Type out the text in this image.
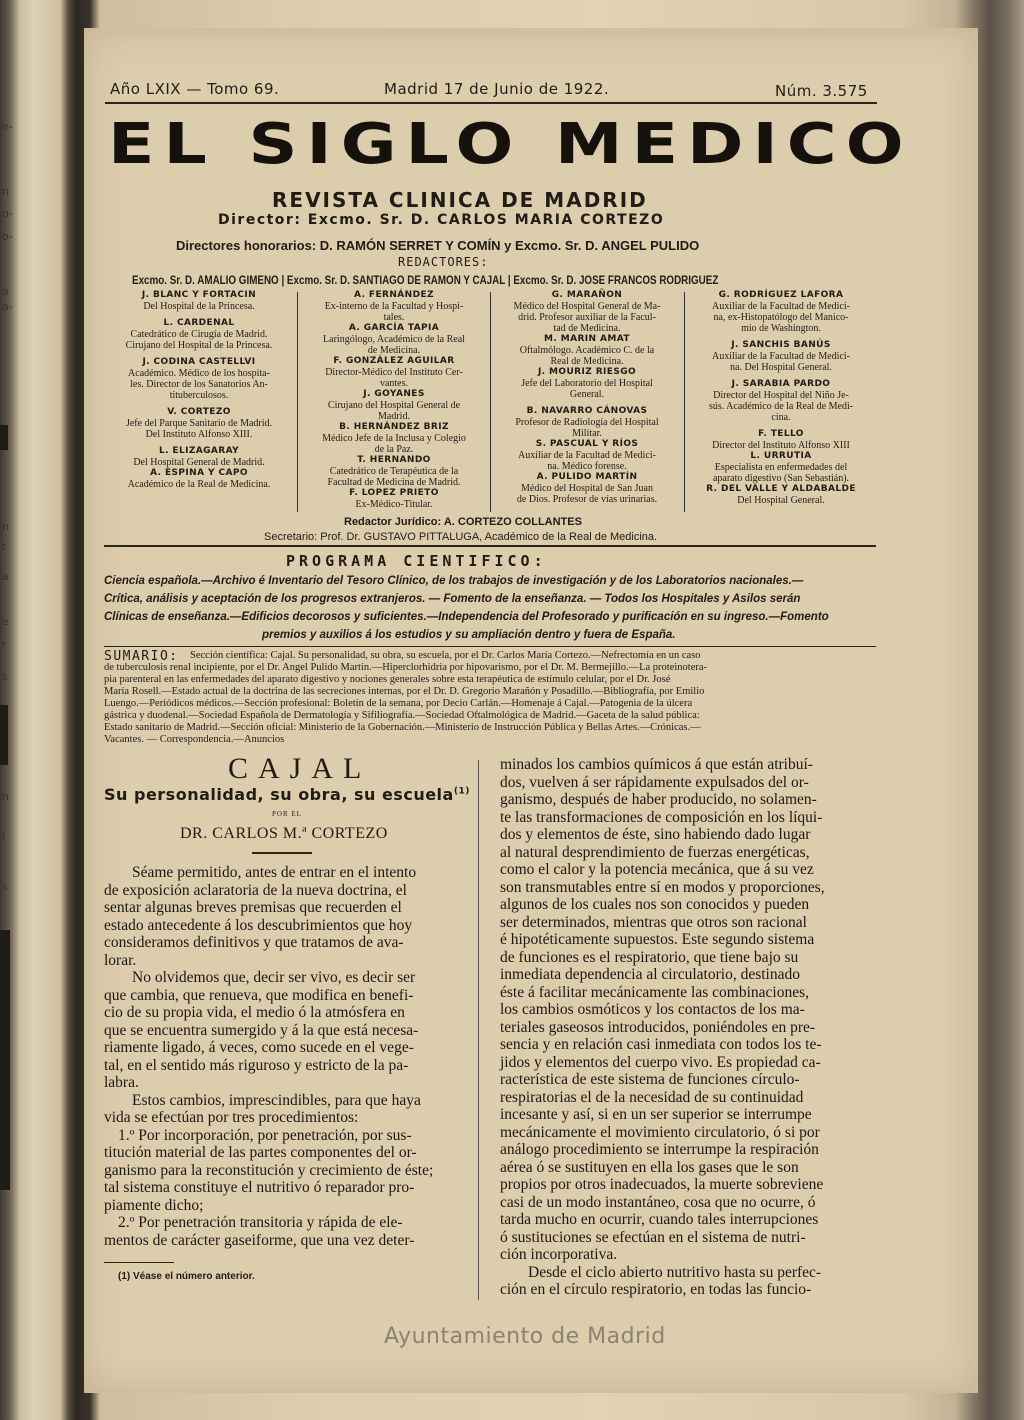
e-
n
o-
o-
a
a-
n
t
a
e
r
s
n
l
s
Año LXIX — Tomo 69.	Madrid 17 de Junio de 1922.	Núm. 3.575
EL SIGLO MEDICO
REVISTA CLINICA DE MADRID
Director: Excmo. Sr. D. CARLOS MARIA CORTEZO
Directores honorarios: D. RAMÓN SERRET Y COMÍN y Excmo. Sr. D. ANGEL PULIDO
REDACTORES:
Excmo. Sr. D. AMALIO GIMENO | Excmo. Sr. D. SANTIAGO DE RAMON Y CAJAL | Excmo. Sr. D. JOSE FRANCOS RODRIGUEZ
J. BLANC Y FORTACIN
Del Hospital de la Princesa.
L. CARDENAL
Catedrático de Cirugía de Madrid.
Cirujano del Hospital de la Princesa.
J. CODINA CASTELLVI
Académico. Médico de los hospita-
les. Director de los Sanatorios An-
tituberculosos.
V. CORTEZO
Jefe del Parque Sanitario de Madrid.
Del Instituto Alfonso XIII.
L. ELIZAGARAY
Del Hospital General de Madrid.
A. ESPINA Y CAPO
Académico de la Real de Medicina.
A. FERNÁNDEZ
Ex-interno de la Facultad y Hospi-
tales.
A. GARCÍA TAPIA
Laringólogo, Académico de la Real
de Medicina.
F. GONZÁLEZ AGUILAR
Director-Médico del Instituto Cer-
vantes.
J. GOYANES
Cirujano del Hospital General de
Madrid.
B. HERNÁNDEZ BRIZ
Médico Jefe de la Inclusa y Colegio
de la Paz.
T. HERNANDO
Catedrático de Terapéutica de la
Facultad de Medicina de Madrid.
F. LOPEZ PRIETO
Ex-Médico-Titular.
G. MARAÑON
Médico del Hospital General de Ma-
drid. Profesor auxiliar de la Facul-
tad de Medicina.
M. MARIN AMAT
Oftalmólogo. Académico C. de la
Real de Medicina.
J. MOURIZ RIESGO
Jefe del Laboratorio del Hospital
General.
B. NAVARRO CÁNOVAS
Profesor de Radiología del Hospital
Militar.
S. PASCUAL Y RÍOS
Auxiliar de la Facultad de Medici-
na. Médico forense.
A. PULIDO MARTÍN
Médico del Hospital de San Juan
de Dios. Profesor de vías urinarias.
G. RODRÍGUEZ LAFORA
Auxiliar de la Facultad de Medici-
na, ex-Histopatólogo del Manico-
mio de Washington.
J. SANCHIS BANÚS
Auxiliar de la Facultad de Medici-
na. Del Hospital General.
J. SARABIA PARDO
Director del Hospital del Niño Je-
sús. Académico de la Real de Medi-
cina.
F. TELLO
Director del Instituto Alfonso XIII
L. URRUTIA
Especialista en enfermedades del
aparato digestivo (San Sebastián).
R. DEL VALLE Y ALDABALDE
Del Hospital General.
Redactor Jurídico: A. CORTEZO COLLANTES
Secretario: Prof. Dr. GUSTAVO PITTALUGA, Académico de la Real de Medicina.
PROGRAMA CIENTIFICO:
Ciencia española.—Archivo é Inventario del Tesoro Clínico, de los trabajos de investigación y de los Laboratorios nacionales.—
Crítica, análisis y aceptación de los progresos extranjeros. — Fomento de la enseñanza. — Todos los Hospitales y Asilos serán
Clínicas de enseñanza.—Edificios decorosos y suficientes.—Independencia del Profesorado y purificación en su ingreso.—Fomento
premios y auxilios á los estudios y su ampliación dentro y fuera de España.
SUMARIO: Sección científica: Cajal. Su personalidad, su obra, su escuela, por el Dr. Carlos María Cortezo.—Nefrectomía en un caso
de tuberculosis renal incipiente, por el Dr. Angel Pulido Martín.—Hiperclorhidria por hipovarismo, por el Dr. M. Bermejillo.—La proteinotera-
pia parenteral en las enfermedades del aparato digestivo y nociones generales sobre esta terapéutica de estímulo celular, por el Dr. José
María Rosell.—Estado actual de la doctrina de las secreciones internas, por el Dr. D. Gregorio Marañón y Posadillo.—Bibliografía, por Emilio
Luengo.—Periódicos médicos.—Sección profesional: Boletín de la semana, por Decio Carlán.—Homenaje á Cajal.—Patogenia de la úlcera
gástrica y duodenal.—Sociedad Española de Dermatología y Sifiliografía.—Sociedad Oftalmológica de Madrid.—Gaceta de la salud pública:
Estado sanitario de Madrid.—Sección oficial: Ministerio de la Gobernación.—Ministerio de Instrucción Pública y Bellas Artes.—Crónicas.—
Vacantes. — Correspondencia.—Anuncios
CAJAL
Su personalidad, su obra, su escuela$^{(1)}$
POR EL
DR. CARLOS M.ª CORTEZO
Séame permitido, antes de entrar en el intento
de exposición aclaratoria de la nueva doctrina, el
sentar algunas breves premisas que recuerden el
estado antecedente á los descubrimientos que hoy
consideramos definitivos y que tratamos de ava-
lorar.
No olvidemos que, decir ser vivo, es decir ser
que cambia, que renueva, que modifica en benefi-
cio de su propia vida, el medio ó la atmósfera en
que se encuentra sumergido y á la que está necesa-
riamente ligado, á veces, como sucede en el vege-
tal, en el sentido más riguroso y estricto de la pa-
labra.
Estos cambios, imprescindibles, para que haya
vida se efectúan por tres procedimientos:
1.º Por incorporación, por penetración, por sus-
titución material de las partes componentes del or-
ganismo para la reconstitución y crecimiento de éste;
tal sistema constituye el nutritivo ó reparador pro-
piamente dicho;
2.º Por penetración transitoria y rápida de ele-
mentos de carácter gaseiforme, que una vez deter-
(1) Véase el número anterior.
minados los cambios químicos á que están atribuí-
dos, vuelven á ser rápidamente expulsados del or-
ganismo, después de haber producido, no solamen-
te las transformaciones de composición en los líqui-
dos y elementos de éste, sino habiendo dado lugar
al natural desprendimiento de fuerzas energéticas,
como el calor y la potencia mecánica, que á su vez
son transmutables entre sí en modos y proporciones,
algunos de los cuales nos son conocidos y pueden
ser determinados, mientras que otros son racional
é hipotéticamente supuestos. Este segundo sistema
de funciones es el respiratorio, que tiene bajo su
inmediata dependencia al circulatorio, destinado
éste á facilitar mecánicamente las combinaciones,
los cambios osmóticos y los contactos de los ma-
teriales gaseosos introducidos, poniéndoles en pre-
sencia y en relación casi inmediata con todos los te-
jidos y elementos del cuerpo vivo. Es propiedad ca-
racterística de este sistema de funciones círculo-
respiratorias el de la necesidad de su continuidad
incesante y así, si en un ser superior se interrumpe
mecánicamente el movimiento circulatorio, ó si por
análogo procedimiento se interrumpe la respiración
aérea ó se sustituyen en ella los gases que le son
propios por otros inadecuados, la muerte sobreviene
casi de un modo instantáneo, cosa que no ocurre, ó
tarda mucho en ocurrir, cuando tales interrupciones
ó sustituciones se efectúan en el sistema de nutri-
ción incorporativa.
Desde el ciclo abierto nutritivo hasta su perfec-
ción en el círculo respiratorio, en todas las funcio-
Ayuntamiento de Madrid
